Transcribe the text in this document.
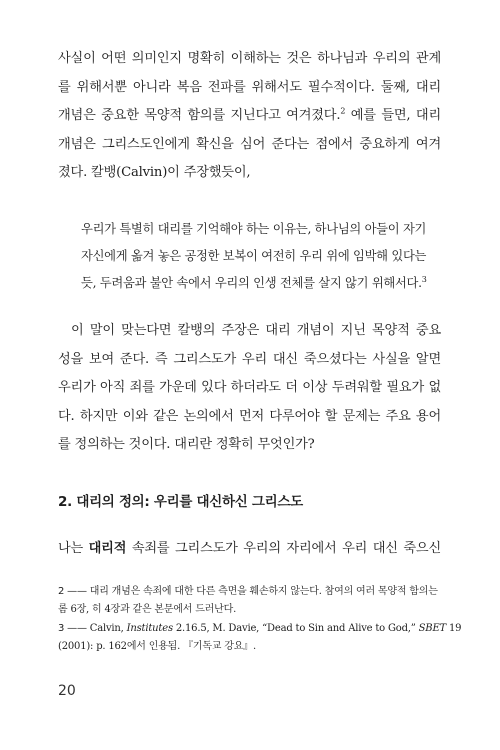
사실이 어떤 의미인지 명확히 이해하는 것은 하나님과 우리의 관계
를 위해서뿐 아니라 복음 전파를 위해서도 필수적이다. 둘째, 대리
개념은 중요한 목양적 함의를 지닌다고 여겨졌다.$^2$ 예를 들면, 대리
개념은 그리스도인에게 확신을 심어 준다는 점에서 중요하게 여겨
졌다. 칼뱅(Calvin)이 주장했듯이,

우리가 특별히 대리를 기억해야 하는 이유는, 하나님의 아들이 자기
자신에게 옮겨 놓은 공정한 보복이 여전히 우리 위에 임박해 있다는
듯, 두려움과 불안 속에서 우리의 인생 전체를 살지 않기 위해서다.$^3$

이 말이 맞는다면 칼뱅의 주장은 대리 개념이 지닌 목양적 중요
성을 보여 준다. 즉 그리스도가 우리 대신 죽으셨다는 사실을 알면
우리가 아직 죄를 가운데 있다 하더라도 더 이상 두려워할 필요가 없
다. 하지만 이와 같은 논의에서 먼저 다루어야 할 문제는 주요 용어
를 정의하는 것이다. 대리란 정확히 무엇인가?

2. 대리의 정의: 우리를 대신하신 그리스도

나는 대리적 속죄를 그리스도가 우리의 자리에서 우리 대신 죽으신

2 —— 대리 개념은 속죄에 대한 다른 측면을 훼손하지 않는다. 참여의 여러 목양적 함의는
롬 6장, 히 4장과 같은 본문에서 드러난다.
3 —— Calvin, Institutes 2.16.5, M. Davie, “Dead to Sin and Alive to God,” SBET 19
(2001): p. 162에서 인용됨. 『기독교 강요』.
20
